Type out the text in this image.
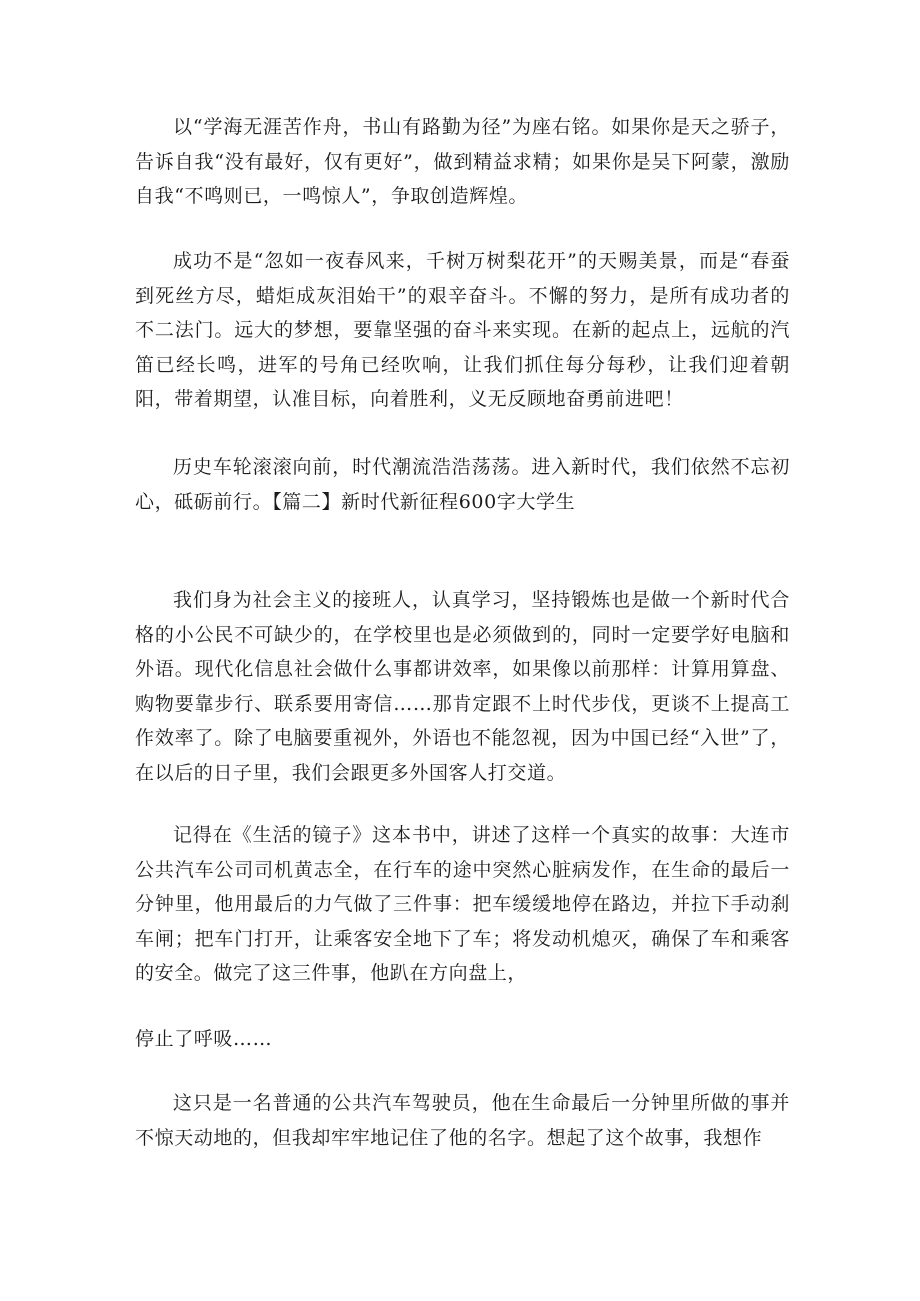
以“学海无涯苦作舟，书山有路勤为径”为座右铭。如果你是天之骄子，告诉自我“没有最好，仅有更好”，做到精益求精；如果你是吴下阿蒙，激励自我“不鸣则已，一鸣惊人”，争取创造辉煌。

成功不是“忽如一夜春风来，千树万树梨花开”的天赐美景，而是“春蚕到死丝方尽，蜡炬成灰泪始干”的艰辛奋斗。不懈的努力，是所有成功者的不二法门。远大的梦想，要靠坚强的奋斗来实现。在新的起点上，远航的汽笛已经长鸣，进军的号角已经吹响，让我们抓住每分每秒，让我们迎着朝阳，带着期望，认准目标，向着胜利，义无反顾地奋勇前进吧！

历史车轮滚滚向前，时代潮流浩浩荡荡。进入新时代，我们依然不忘初心，砥砺前行。【篇二】新时代新征程600字大学生

我们身为社会主义的接班人，认真学习，坚持锻炼也是做一个新时代合格的小公民不可缺少的，在学校里也是必须做到的，同时一定要学好电脑和外语。现代化信息社会做什么事都讲效率，如果像以前那样：计算用算盘、购物要靠步行、联系要用寄信……那肯定跟不上时代步伐，更谈不上提高工作效率了。除了电脑要重视外，外语也不能忽视，因为中国已经“入世”了，在以后的日子里，我们会跟更多外国客人打交道。

记得在《生活的镜子》这本书中，讲述了这样一个真实的故事：大连市公共汽车公司司机黄志全，在行车的途中突然心脏病发作，在生命的最后一分钟里，他用最后的力气做了三件事：把车缓缓地停在路边，并拉下手动刹车闸；把车门打开，让乘客安全地下了车；将发动机熄灭，确保了车和乘客的安全。做完了这三件事，他趴在方向盘上，

停止了呼吸……

这只是一名普通的公共汽车驾驶员，他在生命最后一分钟里所做的事并不惊天动地的，但我却牢牢地记住了他的名字。想起了这个故事，我想作
